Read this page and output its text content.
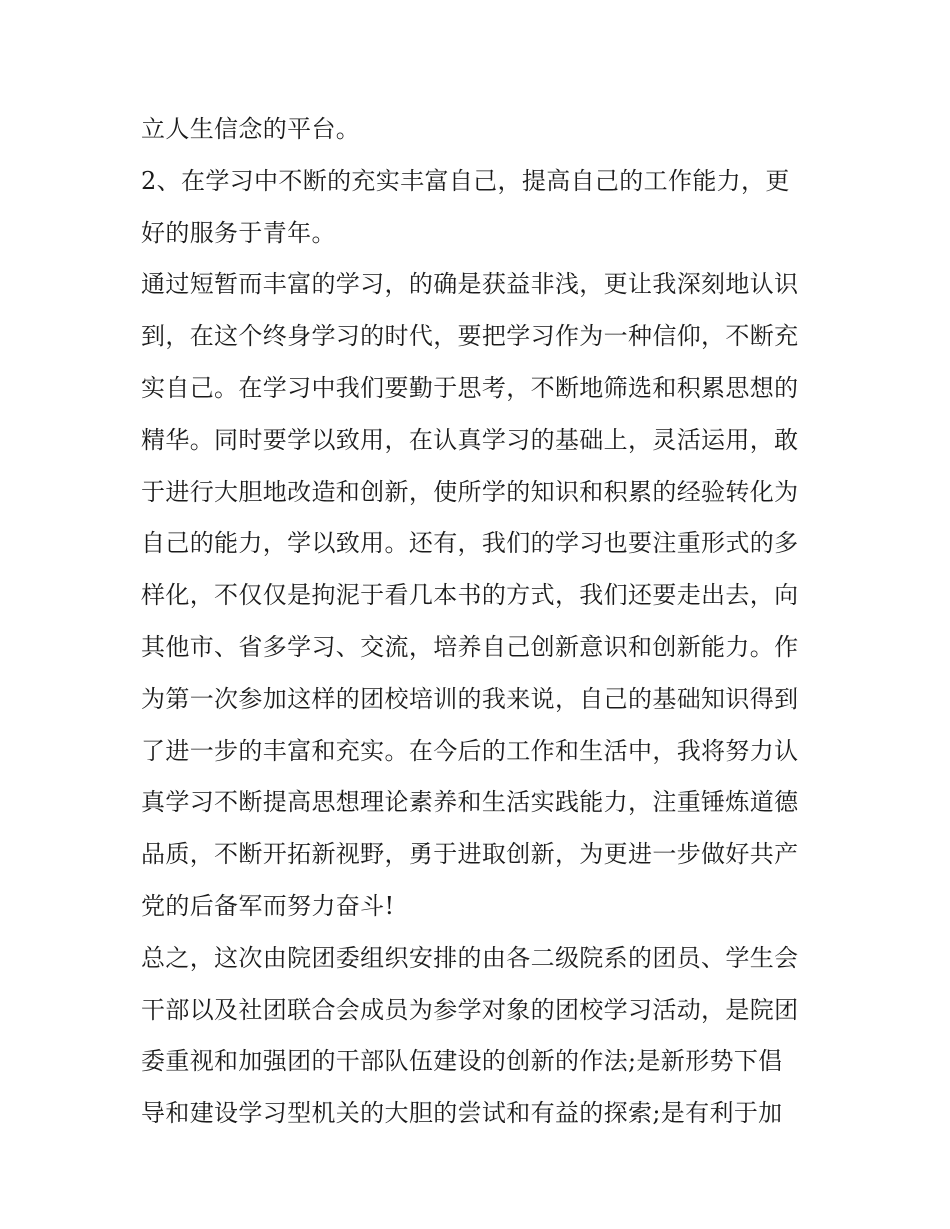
立人生信念的平台。
2、在学习中不断的充实丰富自己，提高自己的工作能力，更
好的服务于青年。
通过短暂而丰富的学习，的确是获益非浅，更让我深刻地认识
到，在这个终身学习的时代，要把学习作为一种信仰，不断充
实自己。在学习中我们要勤于思考，不断地筛选和积累思想的
精华。同时要学以致用，在认真学习的基础上，灵活运用，敢
于进行大胆地改造和创新，使所学的知识和积累的经验转化为
自己的能力，学以致用。还有，我们的学习也要注重形式的多
样化，不仅仅是拘泥于看几本书的方式，我们还要走出去，向
其他市、省多学习、交流，培养自己创新意识和创新能力。作
为第一次参加这样的团校培训的我来说，自己的基础知识得到
了进一步的丰富和充实。在今后的工作和生活中，我将努力认
真学习不断提高思想理论素养和生活实践能力，注重锤炼道德
品质，不断开拓新视野，勇于进取创新，为更进一步做好共产
党的后备军而努力奋斗!
总之，这次由院团委组织安排的由各二级院系的团员、学生会
干部以及社团联合会成员为参学对象的团校学习活动，是院团
委重视和加强团的干部队伍建设的创新的作法;是新形势下倡
导和建设学习型机关的大胆的尝试和有益的探索;是有利于加
